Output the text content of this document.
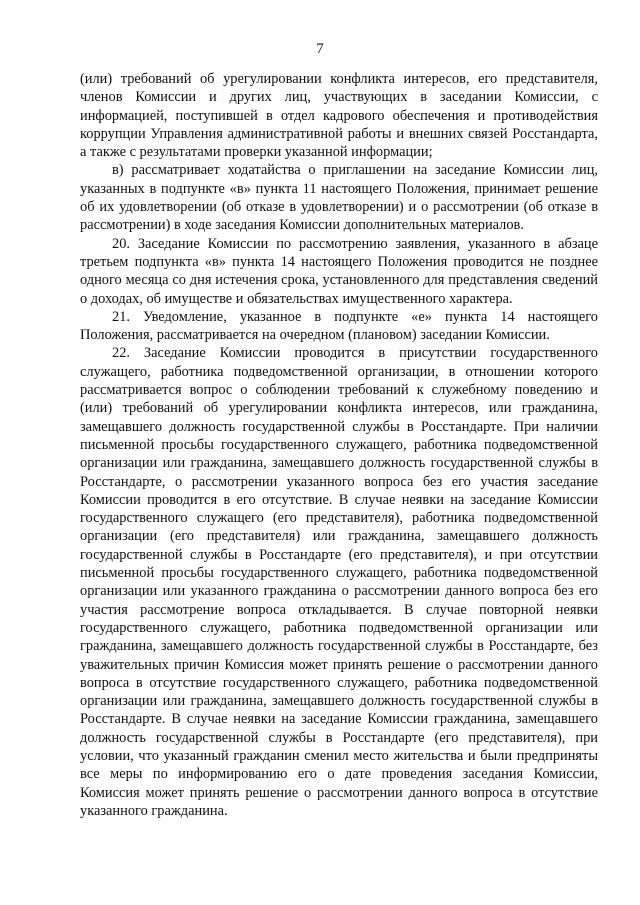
7

(или) требований об урегулировании конфликта интересов, его представителя, членов Комиссии и других лиц, участвующих в заседании Комиссии, с информацией, поступившей в отдел кадрового обеспечения и противодействия коррупции Управления административной работы и внешних связей Росстандарта, а также с результатами проверки указанной информации;

в) рассматривает ходатайства о приглашении на заседание Комиссии лиц, указанных в подпункте «в» пункта 11 настоящего Положения, принимает решение об их удовлетворении (об отказе в удовлетворении) и о рассмотрении (об отказе в рассмотрении) в ходе заседания Комиссии дополнительных материалов.

20. Заседание Комиссии по рассмотрению заявления, указанного в абзаце третьем подпункта «в» пункта 14 настоящего Положения проводится не позднее одного месяца со дня истечения срока, установленного для представления сведений о доходах, об имуществе и обязательствах имущественного характера.

21. Уведомление, указанное в подпункте «е» пункта 14 настоящего Положения, рассматривается на очередном (плановом) заседании Комиссии.

22. Заседание Комиссии проводится в присутствии государственного служащего, работника подведомственной организации, в отношении которого рассматривается вопрос о соблюдении требований к служебному поведению и (или) требований об урегулировании конфликта интересов, или гражданина, замещавшего должность государственной службы в Росстандарте. При наличии письменной просьбы государственного служащего, работника подведомственной организации или гражданина, замещавшего должность государственной службы в Росстандарте, о рассмотрении указанного вопроса без его участия заседание Комиссии проводится в его отсутствие. В случае неявки на заседание Комиссии государственного служащего (его представителя), работника подведомственной организации (его представителя) или гражданина, замещавшего должность государственной службы в Росстандарте (его представителя), и при отсутствии письменной просьбы государственного служащего, работника подведомственной организации или указанного гражданина о рассмотрении данного вопроса без его участия рассмотрение вопроса откладывается. В случае повторной неявки государственного служащего, работника подведомственной организации или гражданина, замещавшего должность государственной службы в Росстандарте, без уважительных причин Комиссия может принять решение о рассмотрении данного вопроса в отсутствие государственного служащего, работника подведомственной организации или гражданина, замещавшего должность государственной службы в Росстандарте. В случае неявки на заседание Комиссии гражданина, замещавшего должность государственной службы в Росстандарте (его представителя), при условии, что указанный гражданин сменил место жительства и были предприняты все меры по информированию его о дате проведения заседания Комиссии, Комиссия может принять решение о рассмотрении данного вопроса в отсутствие указанного гражданина.
